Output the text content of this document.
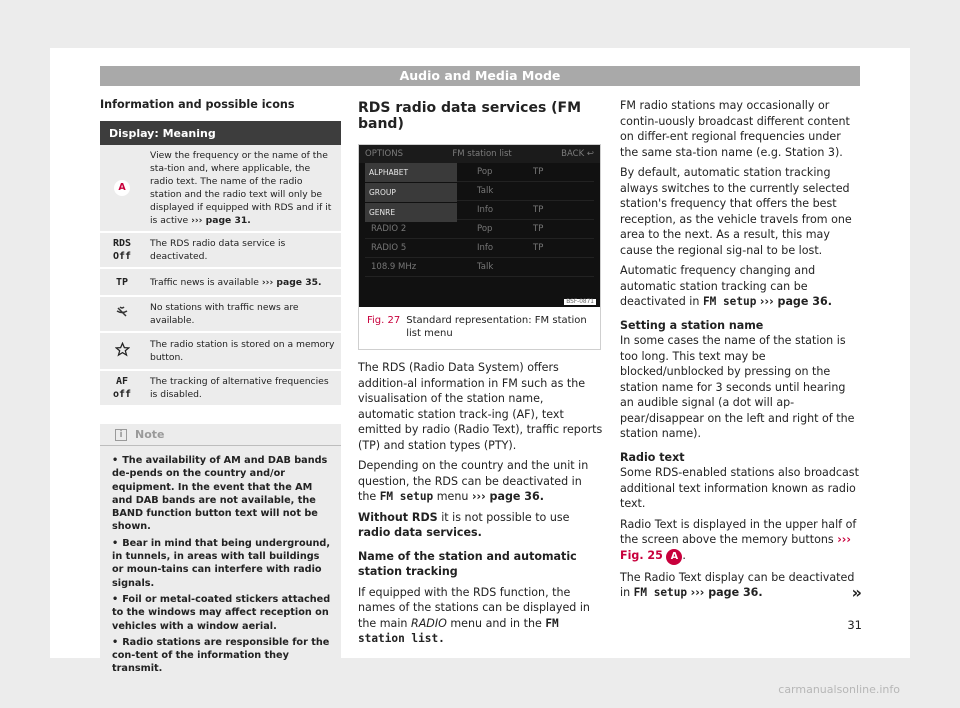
Audio and Media Mode
Information and possible icons
Display: Meaning	
A	View the frequency or the name of the sta-tion and, where applicable, the radio text. The name of the radio station and the radio text will only be displayed if equipped with RDS and if it is active ››› page 31.
RDS Off	The RDS radio data service is deactivated.
TP	Traffic news is available ››› page 35.
	No stations with traffic news are available.
	The radio station is stored on a memory button.
AF off	The tracking of alternative frequencies is disabled.
i	Note
• The availability of AM and DAB bands de-pends on the country and/or equipment. In the event that the AM and DAB bands are not available, the BAND function button text will not be shown.
• Bear in mind that being underground, in tunnels, in areas with tall buildings or moun-tains can interfere with radio signals.
• Foil or metal-coated stickers attached to the windows may affect reception on vehicles with a window aerial.
• Radio stations are responsible for the con-tent of the information they transmit.
RDS radio data services (FM band)
OPTIONS	FM station list	BACK ↩
Pop	TP
Talk
Info	TP
RADIO 2	Pop	TP
RADIO 5	Info	TP
108.9 MHz	Talk
ALPHABET
GROUP
GENRE
BSF-0871
Fig. 27 Standard representation: FM station list menu

The RDS (Radio Data System) offers addition-al information in FM such as the visualisation of the station name, automatic station track-ing (AF), text emitted by radio (Radio Text), traffic reports (TP) and station types (PTY).

Depending on the country and the unit in question, the RDS can be deactivated in the FM setup menu ››› page 36.

Without RDS it is not possible to use radio data services.

Name of the station and automatic station tracking

If equipped with the RDS function, the names of the stations can be displayed in the main RADIO menu and in the FM station list.

FM radio stations may occasionally or contin-uously broadcast different content on differ-ent regional frequencies under the same sta-tion name (e.g. Station 3).

By default, automatic station tracking always switches to the currently selected station's frequency that offers the best reception, as the vehicle travels from one area to the next. As a result, this may cause the regional sig-nal to be lost.

Automatic frequency changing and automatic station tracking can be deactivated in FM setup ››› page 36.

Setting a station name

In some cases the name of the station is too long. This text may be blocked/unblocked by pressing on the station name for 3 seconds until hearing an audible signal (a dot will ap-pear/disappear on the left and right of the station name).

Radio text

Some RDS-enabled stations also broadcast additional text information known as radio text.

Radio Text is displayed in the upper half of the screen above the memory buttons ››› Fig. 25 A .

The Radio Text display can be deactivated in FM setup ››› page 36.	»

31
carmanualsonline.info
